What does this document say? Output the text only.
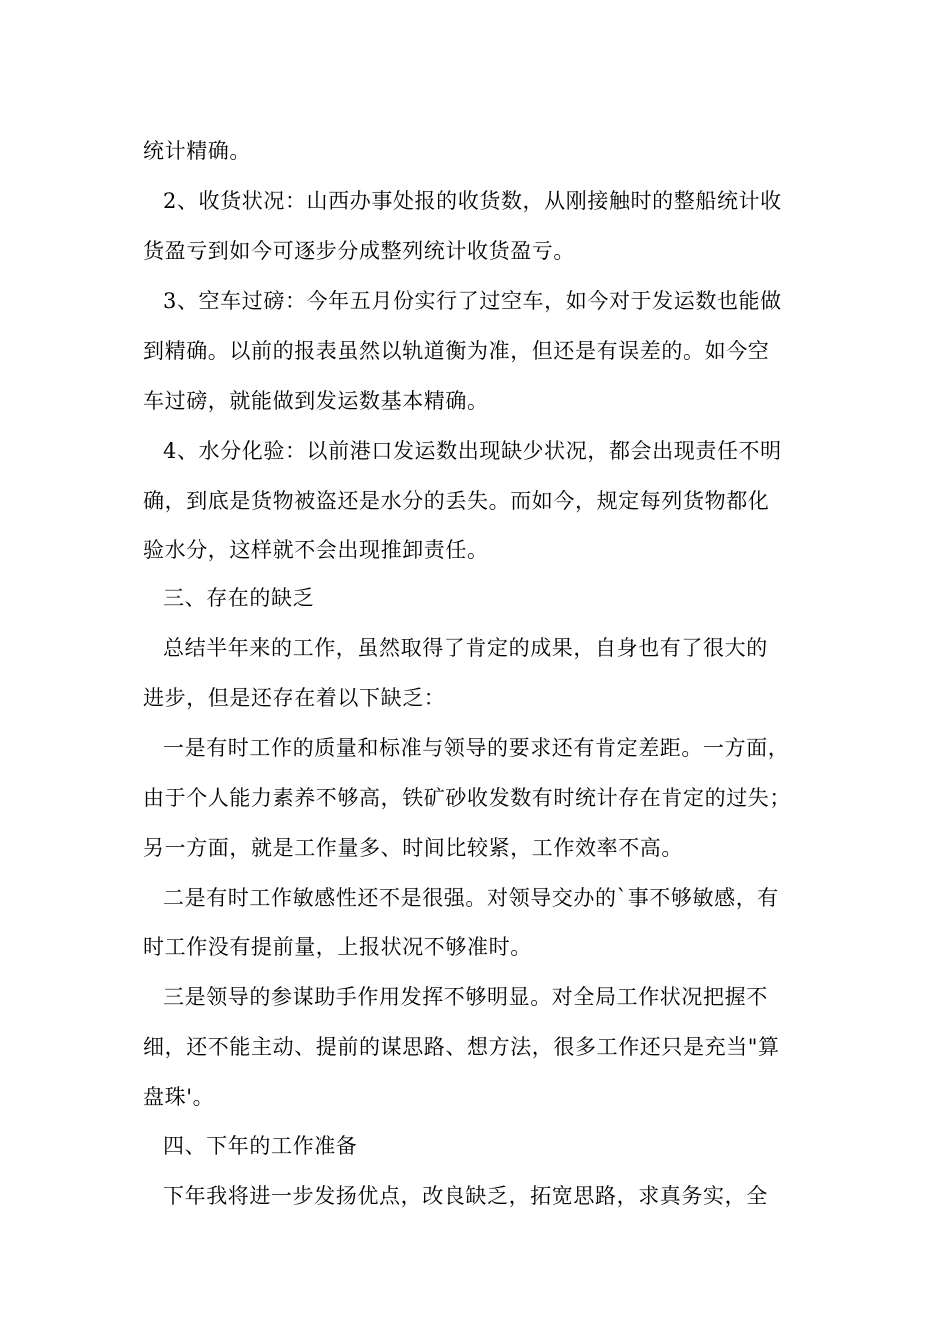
统计精确。
2、收货状况：山西办事处报的收货数，从刚接触时的整船统计收
货盈亏到如今可逐步分成整列统计收货盈亏。
3、空车过磅：今年五月份实行了过空车，如今对于发运数也能做
到精确。以前的报表虽然以轨道衡为准，但还是有误差的。如今空
车过磅，就能做到发运数基本精确。
4、水分化验：以前港口发运数出现缺少状况，都会出现责任不明
确，到底是货物被盗还是水分的丢失。而如今，规定每列货物都化
验水分，这样就不会出现推卸责任。
三、存在的缺乏
总结半年来的工作，虽然取得了肯定的成果，自身也有了很大的
进步，但是还存在着以下缺乏：
一是有时工作的质量和标准与领导的要求还有肯定差距。一方面，
由于个人能力素养不够高，铁矿砂收发数有时统计存在肯定的过失；
另一方面，就是工作量多、时间比较紧，工作效率不高。
二是有时工作敏感性还不是很强。对领导交办的`事不够敏感，有
时工作没有提前量，上报状况不够准时。
三是领导的参谋助手作用发挥不够明显。对全局工作状况把握不
细，还不能主动、提前的谋思路、想方法，很多工作还只是充当"算
盘珠'。
四、下年的工作准备
下年我将进一步发扬优点，改良缺乏，拓宽思路，求真务实，全
